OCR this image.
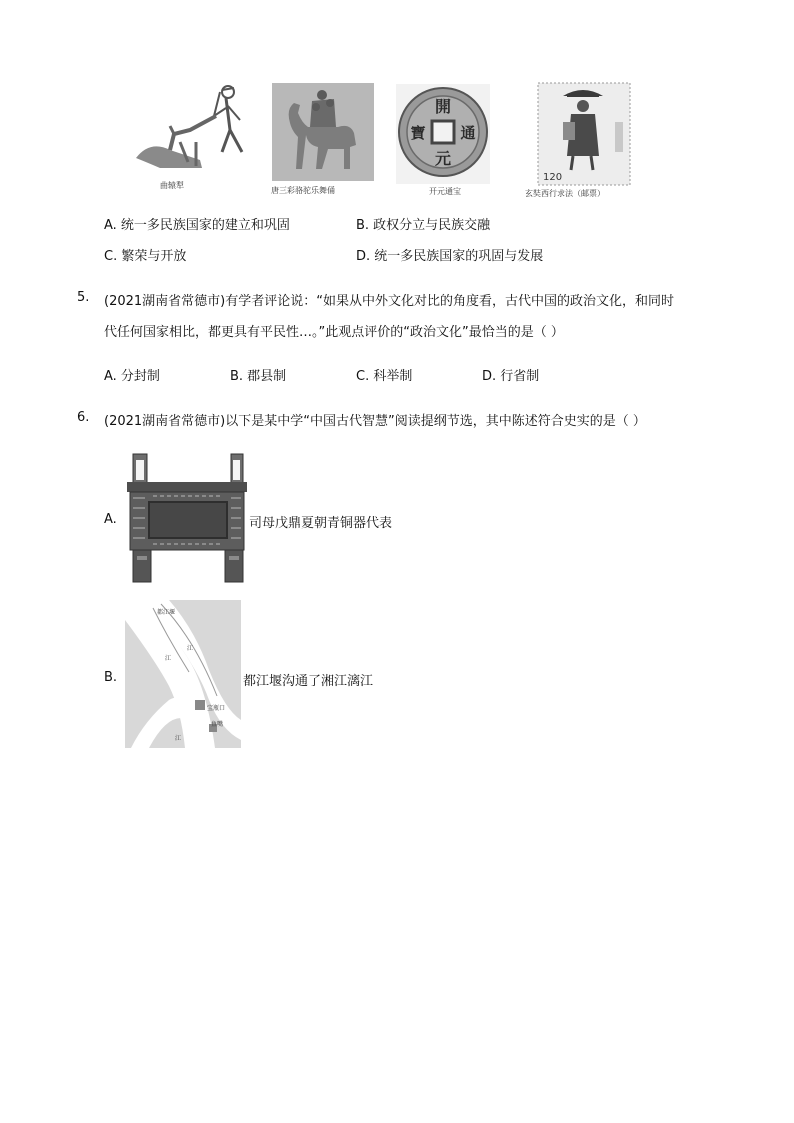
曲辕犁
唐三彩骆驼乐舞俑
開
元
通
寶
开元通宝
120
玄奘西行求法（邮票）
A. 统一多民族国家的建立和巩固	B. 政权分立与民族交融
C. 繁荣与开放	D. 统一多民族国家的巩固与发展
5. (2021湖南省常德市)有学者评论说：“如果从中外文化对比的角度看，古代中国的政治文化，和同时
代任何国家相比，都更具有平民性…。”此观点评价的“政治文化”最恰当的是（ ）
A. 分封制	B. 郡县制	C. 科举制	D. 行省制
6. (2021湖南省常德市)以下是某中学“中国古代智慧”阅读提纲节选，其中陈述符合史实的是（ ）
A.	司母戊鼎夏朝青铜器代表
B.
都江堰
江
江
宝瓶口
鱼嘴
江
都江堰沟通了湘江漓江
